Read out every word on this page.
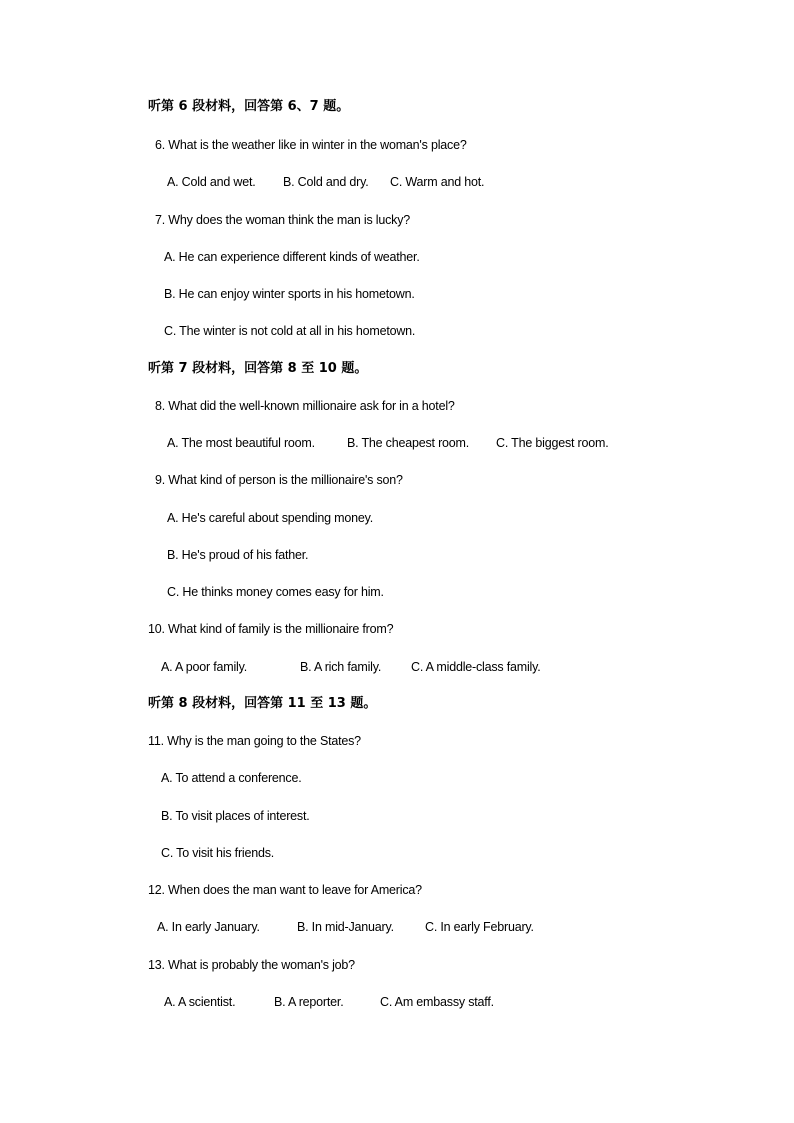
听第 6 段材料，回答第 6、7 题。
6. What is the weather like in winter in the woman's place?
A. Cold and wet. B. Cold and dry. C. Warm and hot.
7. Why does the woman think the man is lucky?
A. He can experience different kinds of weather.
B. He can enjoy winter sports in his hometown.
C. The winter is not cold at all in his hometown.
听第 7 段材料，回答第 8 至 10 题。
8. What did the well-known millionaire ask for in a hotel?
A. The most beautiful room.	B. The cheapest room. C. The biggest room.
9. What kind of person is the millionaire's son?
A. He's careful about spending money.
B. He's proud of his father.
C. He thinks money comes easy for him.
10. What kind of family is the millionaire from?
A. A poor family.	B. A rich family. C. A middle-class family.
听第 8 段材料，回答第 11 至 13 题。
11. Why is the man going to the States?
A. To attend a conference.
B. To visit places of interest.
C. To visit his friends.
12. When does the man want to leave for America?
A. In early January.	B. In mid-January. C. In early February.
13. What is probably the woman's job?
A. A scientist.	B. A reporter.	C. Am embassy staff.
